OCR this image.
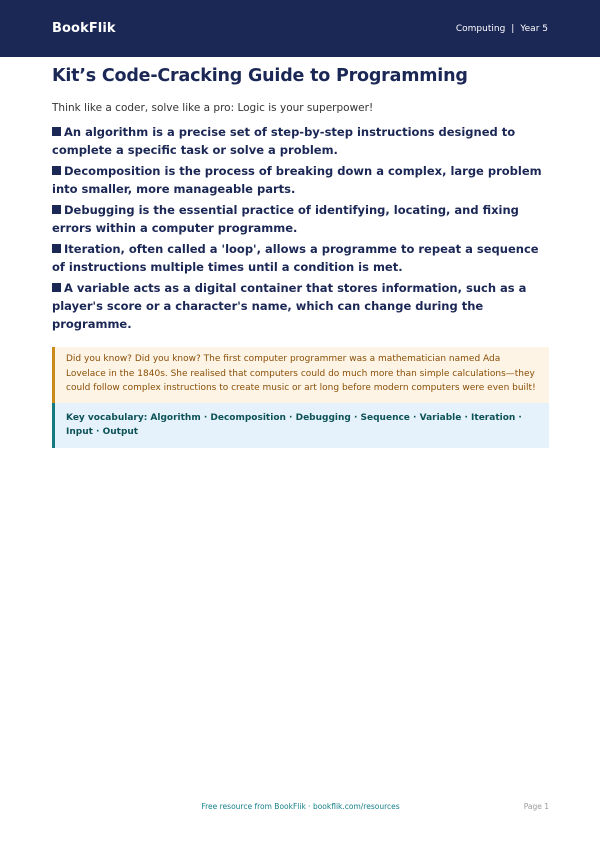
BookFlik	Computing | Year 5
Kit’s Code-Cracking Guide to Programming
Think like a coder, solve like a pro: Logic is your superpower!
An algorithm is a precise set of step-by-step instructions designed to complete a specific task or solve a problem.
Decomposition is the process of breaking down a complex, large problem into smaller, more manageable parts.
Debugging is the essential practice of identifying, locating, and fixing errors within a computer programme.
Iteration, often called a 'loop', allows a programme to repeat a sequence of instructions multiple times until a condition is met.
A variable acts as a digital container that stores information, such as a player's score or a character's name, which can change during the programme.
Did you know? Did you know? The first computer programmer was a mathematician named Ada Lovelace in the 1840s. She realised that computers could do much more than simple calculations—they could follow complex instructions to create music or art long before modern computers were even built!
Key vocabulary: Algorithm · Decomposition · Debugging · Sequence · Variable · Iteration · Input · Output
Free resource from BookFlik · bookflik.com/resources	Page 1
